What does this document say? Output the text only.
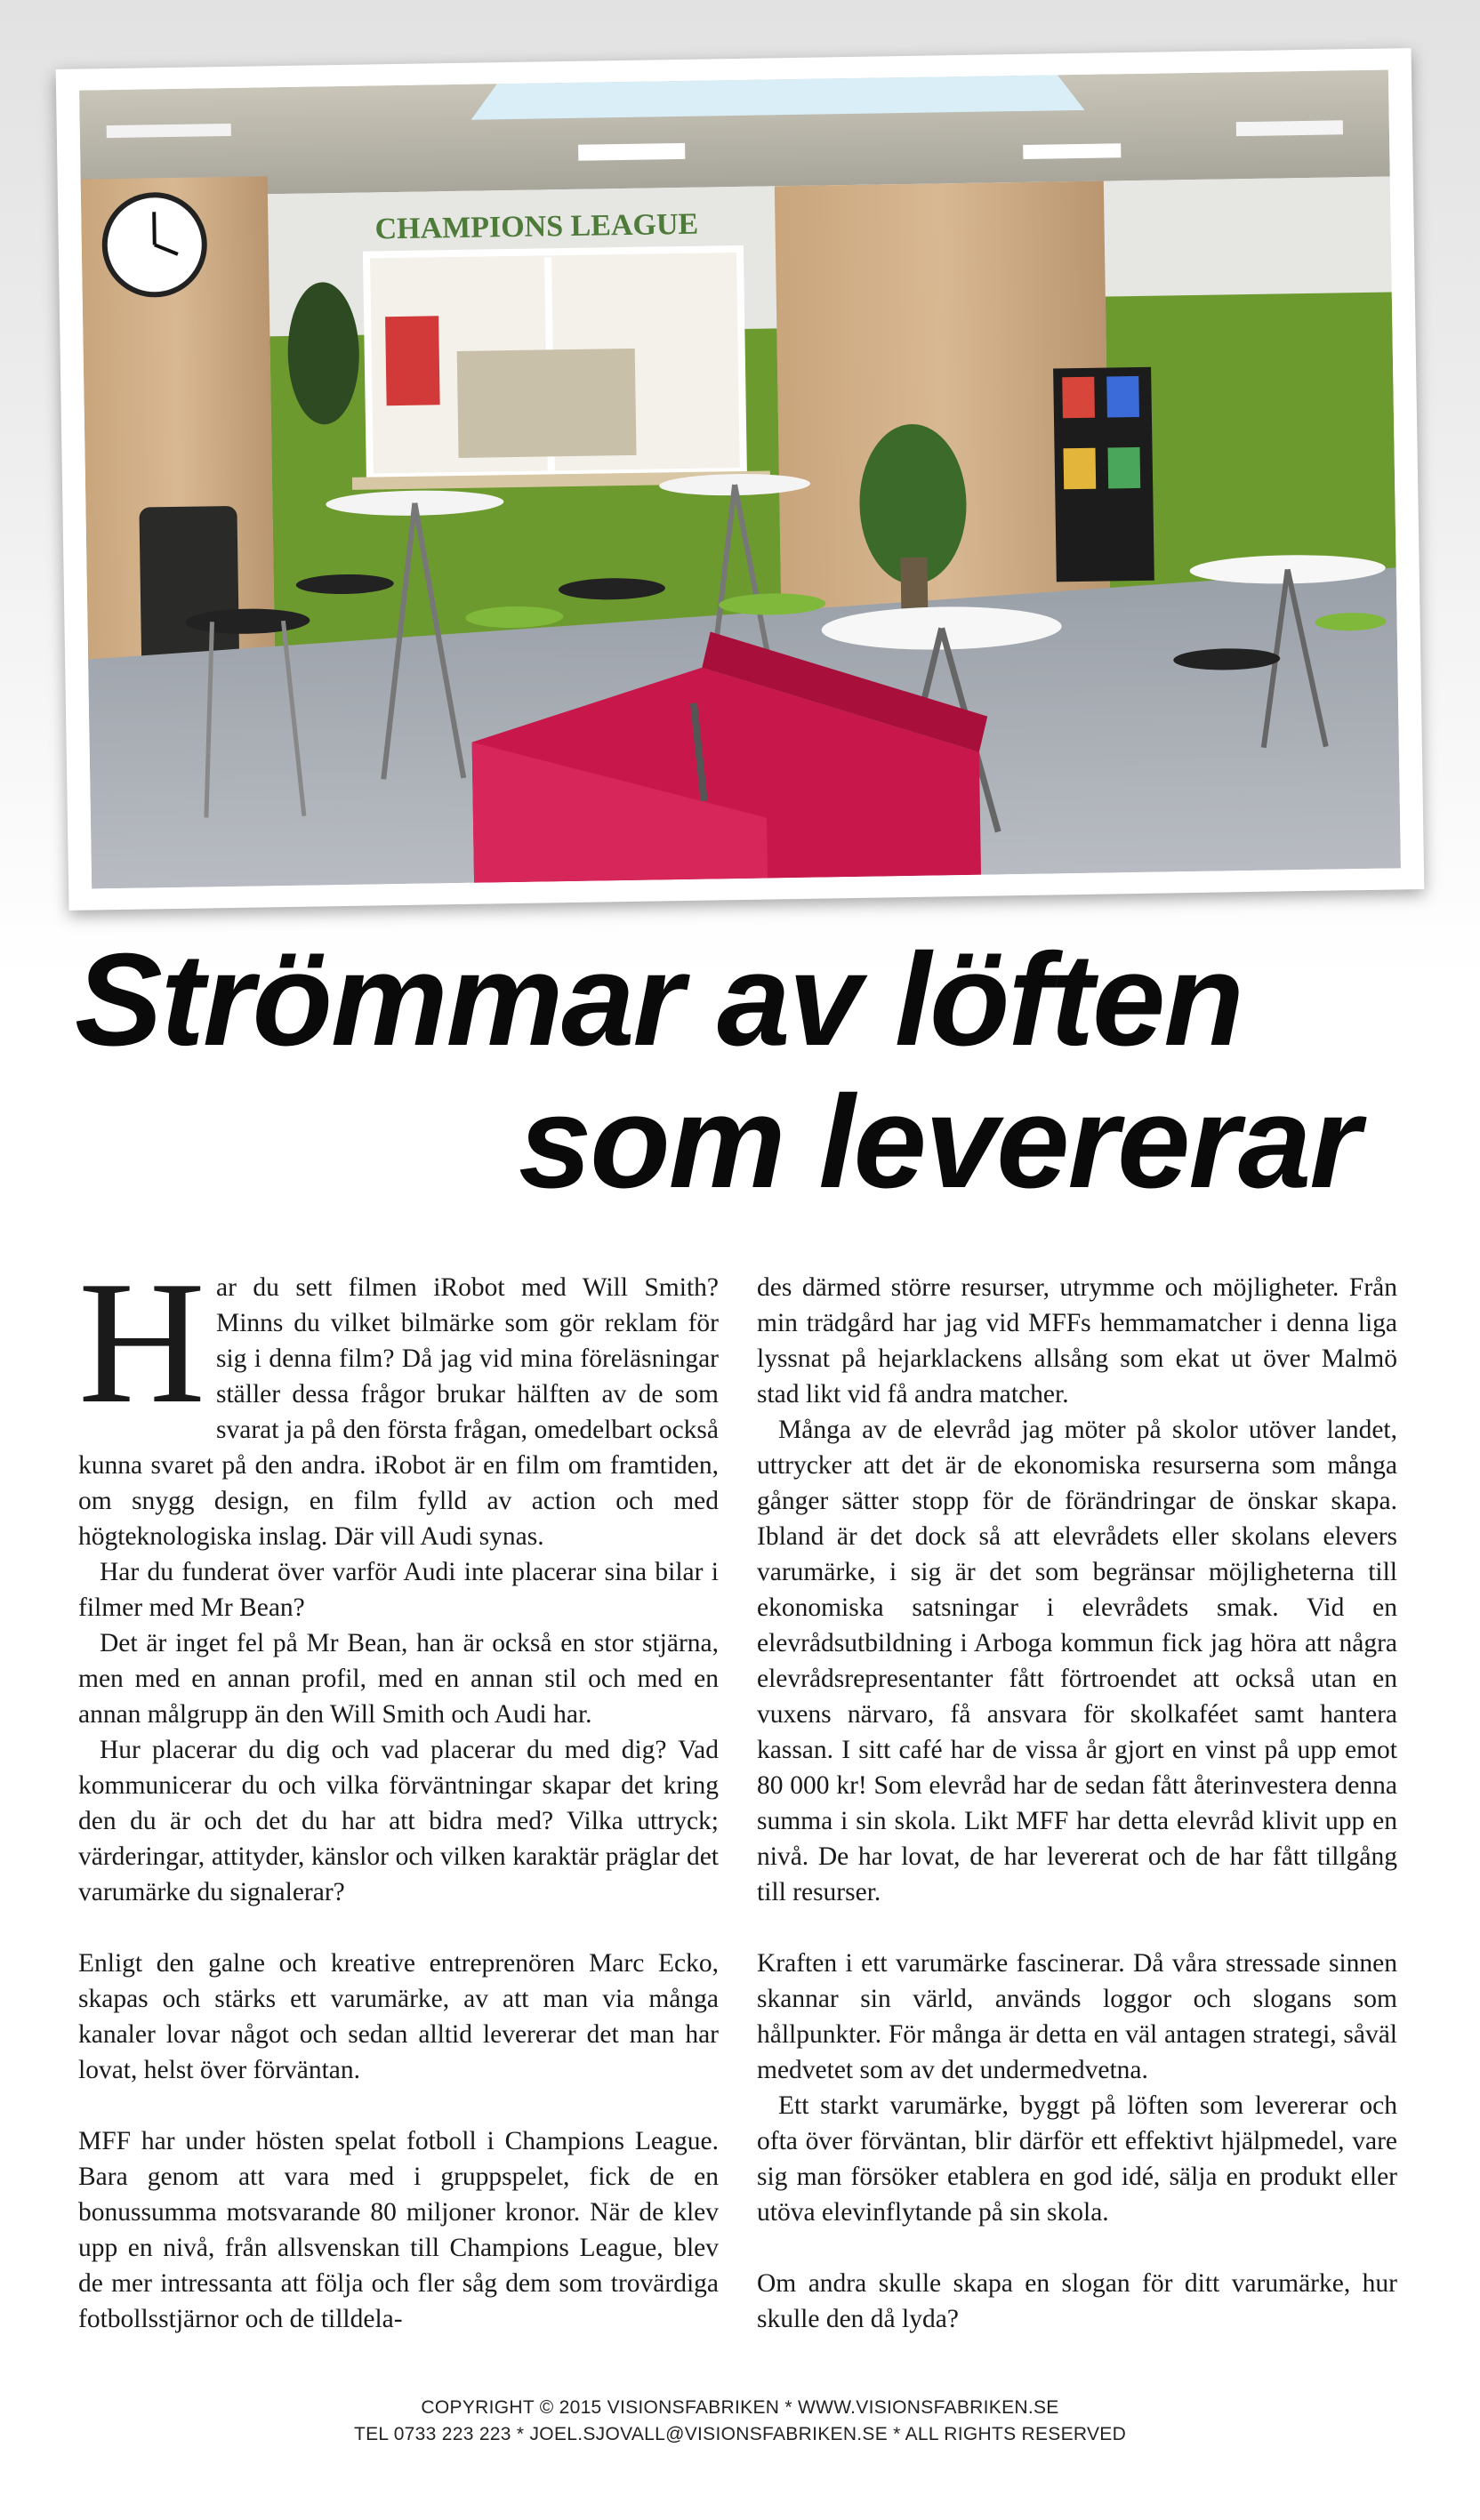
CHAMPIONS LEAGUE
Strömmar av löften
som levererar

Har du sett filmen iRobot med Will Smith? Minns du vilket bilmärke som gör reklam för sig i denna film? Då jag vid mina föreläsningar ställer dessa frågor brukar hälften av de som svarat ja på den första frågan, omedelbart också kunna svaret på den andra. iRobot är en film om framtiden, om snygg design, en film fylld av action och med högteknologiska inslag. Där vill Audi synas.

Har du funderat över varför Audi inte placerar sina bilar i filmer med Mr Bean?

Det är inget fel på Mr Bean, han är också en stor stjärna, men med en annan profil, med en annan stil och med en annan målgrupp än den Will Smith och Audi har.

Hur placerar du dig och vad placerar du med dig? Vad kommunicerar du och vilka förväntningar skapar det kring den du är och det du har att bidra med? Vilka uttryck; värderingar, attityder, känslor och vilken karaktär präglar det varumärke du signalerar?

Enligt den galne och kreative entreprenören Marc Ecko, skapas och stärks ett varumärke, av att man via många kanaler lovar något och sedan alltid levererar det man har lovat, helst över förväntan.

MFF har under hösten spelat fotboll i Champions League. Bara genom att vara med i gruppspelet, fick de en bonussumma motsvarande 80 miljoner kronor. När de klev upp en nivå, från allsvenskan till Champions League, blev de mer intressanta att följa och fler såg dem som trovärdiga fotbollsstjärnor och de tilldela-

des därmed större resurser, utrymme och möjligheter. Från min trädgård har jag vid MFFs hemmamatcher i denna liga lyssnat på hejarklackens allsång som ekat ut över Malmö stad likt vid få andra matcher.

Många av de elevråd jag möter på skolor utöver landet, uttrycker att det är de ekonomiska resurserna som många gånger sätter stopp för de förändringar de önskar skapa. Ibland är det dock så att elevrådets eller skolans elevers varumärke, i sig är det som begränsar möjligheterna till ekonomiska satsningar i elevrådets smak. Vid en elevrådsutbildning i Arboga kommun fick jag höra att några elevrådsrepresentanter fått förtroendet att också utan en vuxens närvaro, få ansvara för skolkaféet samt hantera kassan. I sitt café har de vissa år gjort en vinst på upp emot 80 000 kr! Som elevråd har de sedan fått återinvestera denna summa i sin skola. Likt MFF har detta elevråd klivit upp en nivå. De har lovat, de har levererat och de har fått tillgång till resurser.

Kraften i ett varumärke fascinerar. Då våra stressade sinnen skannar sin värld, används loggor och slogans som hållpunkter. För många är detta en väl antagen strategi, såväl medvetet som av det undermedvetna.

Ett starkt varumärke, byggt på löften som levererar och ofta över förväntan, blir därför ett effektivt hjälpmedel, vare sig man försöker etablera en god idé, sälja en produkt eller utöva elevinflytande på sin skola.

Om andra skulle skapa en slogan för ditt varumärke, hur skulle den då lyda?

COPYRIGHT © 2015 VISIONSFABRIKEN * WWW.VISIONSFABRIKEN.SE
TEL 0733 223 223 * JOEL.SJOVALL@VISIONSFABRIKEN.SE * ALL RIGHTS RESERVED
